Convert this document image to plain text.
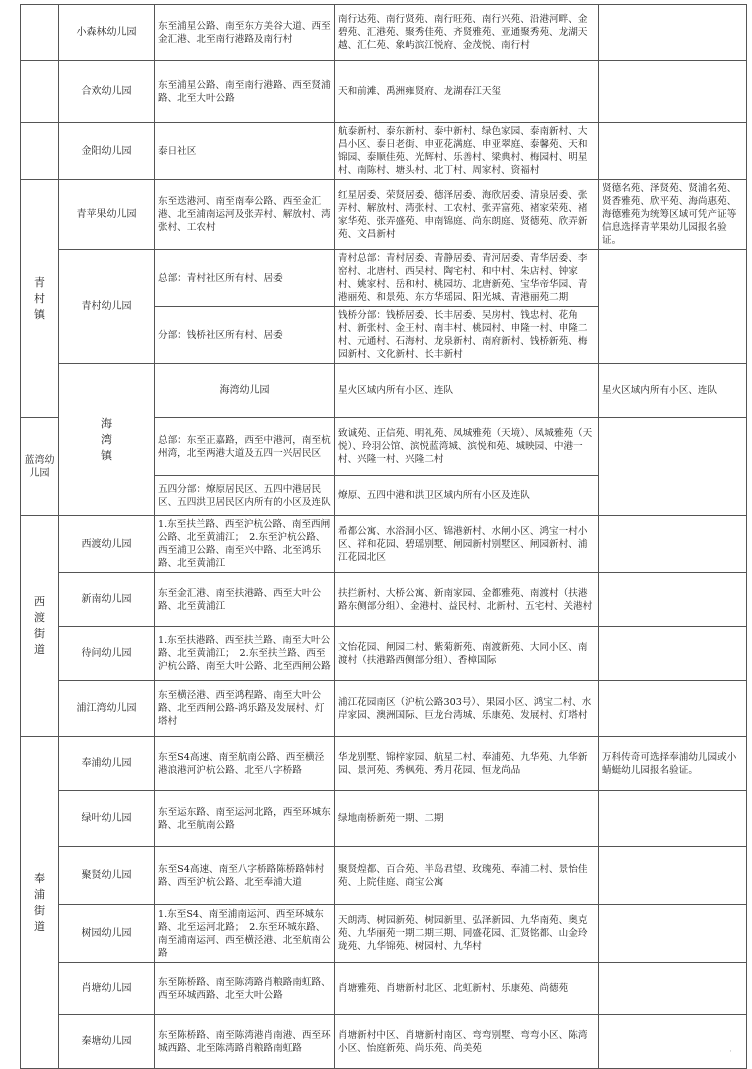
	小森林幼儿园	东至浦星公路、南至东方美谷大道、西至金汇港、北至南行港路及南行村	南行达苑、南行贤苑、南行旺苑、南行兴苑、沿港河畔、金碧苑、汇港苑、聚秀佳苑、齐贤雅苑、亚通聚秀苑、龙湖天越、汇仁苑、象屿滨江悦府、金茂悦、南行村		
	合欢幼儿园	东至浦星公路、南至南行港路、西至贤浦路、北至大叶公路	天和前滩、禹洲雍贤府、龙湖春江天玺		
	金阳幼儿园	泰日社区	航泰新村、泰东新村、泰中新村、绿色家园、泰南新村、大昌小区、泰日老街、申亚花满庭、申亚翠庭、泰馨苑、天和锦园、泰顺佳苑、光辉村、乐善村、梁典村、梅园村、明星村、南陈村、塘头村、北丁村、周家村、资福村		

青
村
镇	青苹果幼儿园	东至迭港河、南至南奉公路、西至金汇港、北至浦南运河及张弄村、解放村、湾张村、工农村	红星居委、荣贤居委、德泽居委、海欣居委、清泉居委、张弄村、解放村、湾张村、工农村、张弄富苑、褚家荣苑、褚家华苑、张弄盛苑、申南锦庭、尚东朗庭、贤德苑、欣弄新苑、文昌新村	贤德名苑、泽贤苑、贤浦名苑、贤香雅苑、欣平苑、海尚惠苑、海德雅苑为统筹区域可凭产证等信息选择青苹果幼儿园报名验证。	
	青村幼儿园	总部：青村社区所有村、居委	青村总部：青村居委、青静居委、青河居委、青华居委、李窑村、北唐村、西吴村、陶宅村、和中村、朱店村、钟家村、姚家村、岳和村、桃园坊、北唐新苑、宝华帝华园、青港丽苑、和景苑、东方华瑶园、阳光城、青港丽苑二期		
		分部：钱桥社区所有村、居委	钱桥分部：钱桥居委、长丰居委、吴房村、钱忠村、花角村、新张村、金王村、南丰村、桃园村、申隆一村、申隆二村、元通村、石海村、龙泉新村、南府新村、钱桥新苑、梅园新村、文化新村、长丰新村		

	海
湾
镇	海湾幼儿园	星火区域内所有小区、连队	星火区域内所有小区、连队	
蓝湾幼儿园		总部：东至正嘉路，西至中港河，南至杭州湾，北至两港大道及五四一兴居民区	致诚苑、正信苑、明礼苑、凤城雅苑（天境）、凤城雅苑（天悦）、玲羽公馆、滨悦蓝湾城、滨悦和苑、城映园、中港一村、兴隆一村、兴隆二村		
		五四分部：燎原居民区、五四中港居民区、五四洪卫居民区内所有的小区及连队	燎原、五四中港和洪卫区域内所有小区及连队		

西
渡
街
道	西渡幼儿园	1.东至扶兰路、西至沪杭公路、南至西闸公路、北至黄浦江；　2.东至沪杭公路、西至浦卫公路、南至兴中路、北至鸿乐路、北至黄浦江	希都公寓、水浴洞小区、锦港新村、水闸小区、鸿宝一村小区、祥和花园、碧瑶别墅、闸园新村别墅区、闸园新村、浦江花园北区		
	新南幼儿园	东至金汇港、南至扶港路、西至大叶公路、北至黄浦江	扶拦新村、大桥公寓、新南家园、金都雅苑、南渡村（扶港路东侧部分组）、金港村、益民村、北新村、五宅村、关港村		
	待问幼儿园	1.东至扶港路、西至扶兰路、南至大叶公路、北至黄浦江；　2.东至扶兰路、西至沪杭公路、南至大叶公路、北至西闸公路	文怡花园、闸园二村、紫菊新苑、南渡新苑、大同小区、南渡村（扶港路西侧部分组）、香樟国际		
	浦江湾幼儿园	东至横泾港、西至鸿程路、南至大叶公路、北至西闸公路-鸿乐路及发展村、灯塔村	浦江花园南区（沪杭公路303号）、果园小区、鸿宝二村、水岸家园、澳洲国际、巨龙台湾城、乐康苑、发展村、灯塔村		

奉
浦
街
道	奉浦幼儿园	东至S4高速、南至航南公路、西至横泾港浪港河沪杭公路、北至八字桥路	华龙别墅、锦梓家园、航星二村、奉浦苑、九华苑、九华新园、景河苑、秀枫苑、秀月花园、恒龙尚品	万科传奇可选择奉浦幼儿园或小蜻蜓幼儿园报名验证。	
	绿叶幼儿园	东至运东路、南至运河北路，西至环城东路、北至航南公路	绿地南桥新苑一期、二期		
	聚贤幼儿园	东至S4高速、南至八字桥路陈桥路韩村路、西至沪杭公路、北至奉浦大道	聚贤煌都、百合苑、半岛君望、玫瑰苑、奉浦二村、景怡佳苑、上院佳庭、商宝公寓		
	树园幼儿园	1.东至S4、南至浦南运河、西至环城东路、北至运河北路；　2.东至环城东路、南至浦南运河、西至横泾港、北至航南公路	天朗湾、树园新苑、树园新里、弘泽新园、九华南苑、奥克苑、九华丽苑一期二期三期、同盛花园、汇贤铭都、山金玲珑苑、九华锦苑、树园村、九华村		
	肖塘幼儿园	东至陈桥路、南至陈湾路肖粮路南虹路、西至环城西路、北至大叶公路	肖塘雅苑、肖塘新村北区、北虹新村、乐康苑、尚德苑		
	秦塘幼儿园	东至陈桥路、南至陈湾港肖南港、西至环城西路、北至陈湾路肖粮路南虹路	肖塘新村中区、肖塘新村南区、弯弯别墅、弯弯小区、陈湾小区、怡庭新苑、尚乐苑、尚美苑			·
